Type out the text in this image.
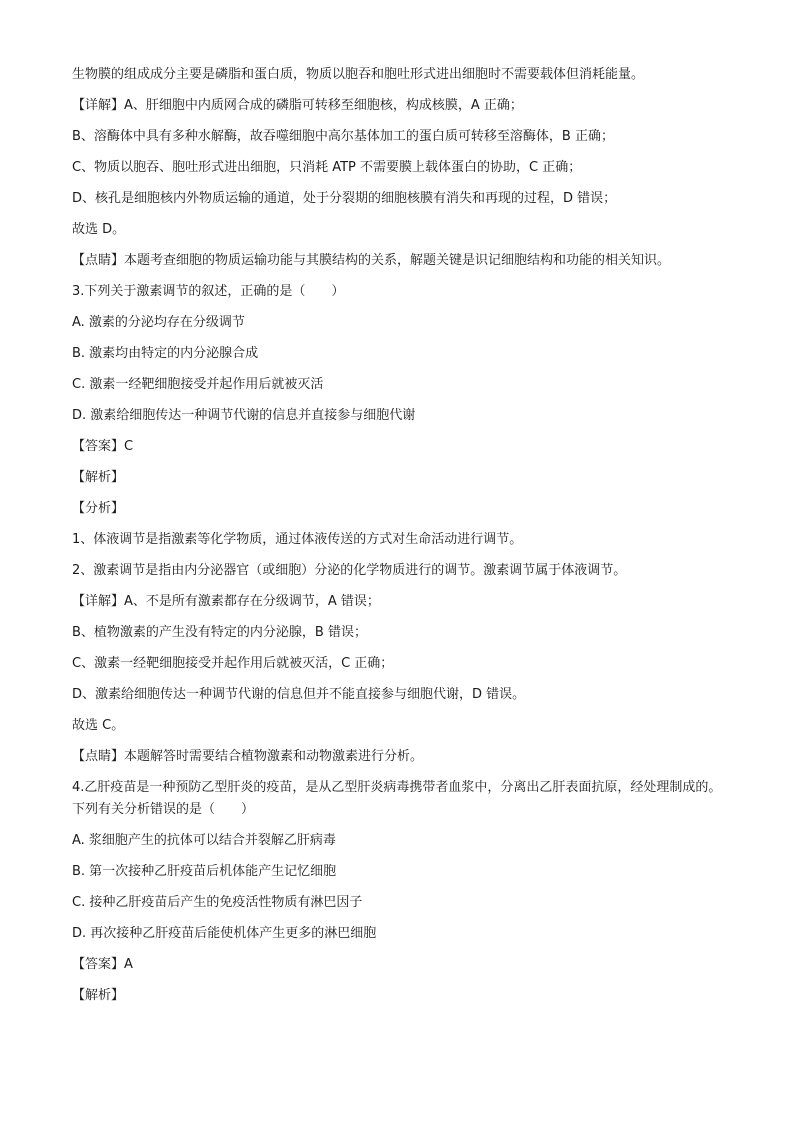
生物膜的组成成分主要是磷脂和蛋白质，物质以胞吞和胞吐形式进出细胞时不需要载体但消耗能量。
【详解】A、肝细胞中内质网合成的磷脂可转移至细胞核，构成核膜，A 正确；
B、溶酶体中具有多种水解酶，故吞噬细胞中高尔基体加工的蛋白质可转移至溶酶体，B 正确；
C、物质以胞吞、胞吐形式进出细胞，只消耗 ATP 不需要膜上载体蛋白的协助，C 正确；
D、核孔是细胞核内外物质运输的通道，处于分裂期的细胞核膜有消失和再现的过程，D 错误；
故选 D。
【点睛】本题考查细胞的物质运输功能与其膜结构的关系，解题关键是识记细胞结构和功能的相关知识。
3.下列关于激素调节的叙述，正确的是（　　）
A. 激素的分泌均存在分级调节
B. 激素均由特定的内分泌腺合成
C. 激素一经靶细胞接受并起作用后就被灭活
D. 激素给细胞传达一种调节代谢的信息并直接参与细胞代谢
【答案】C
【解析】
【分析】
1、体液调节是指激素等化学物质，通过体液传送的方式对生命活动进行调节。
2、激素调节是指由内分泌器官（或细胞）分泌的化学物质进行的调节。激素调节属于体液调节。
【详解】A、不是所有激素都存在分级调节，A 错误；
B、植物激素的产生没有特定的内分泌腺，B 错误；
C、激素一经靶细胞接受并起作用后就被灭活，C 正确；
D、激素给细胞传达一种调节代谢的信息但并不能直接参与细胞代谢，D 错误。
故选 C。
【点睛】本题解答时需要结合植物激素和动物激素进行分析。
4.乙肝疫苗是一种预防乙型肝炎的疫苗，是从乙型肝炎病毒携带者血浆中，分离出乙肝表面抗原，经处理制成的。下列有关分析错误的是（　　）
A. 浆细胞产生的抗体可以结合并裂解乙肝病毒
B. 第一次接种乙肝疫苗后机体能产生记忆细胞
C. 接种乙肝疫苗后产生的免疫活性物质有淋巴因子
D. 再次接种乙肝疫苗后能使机体产生更多的淋巴细胞
【答案】A
【解析】
